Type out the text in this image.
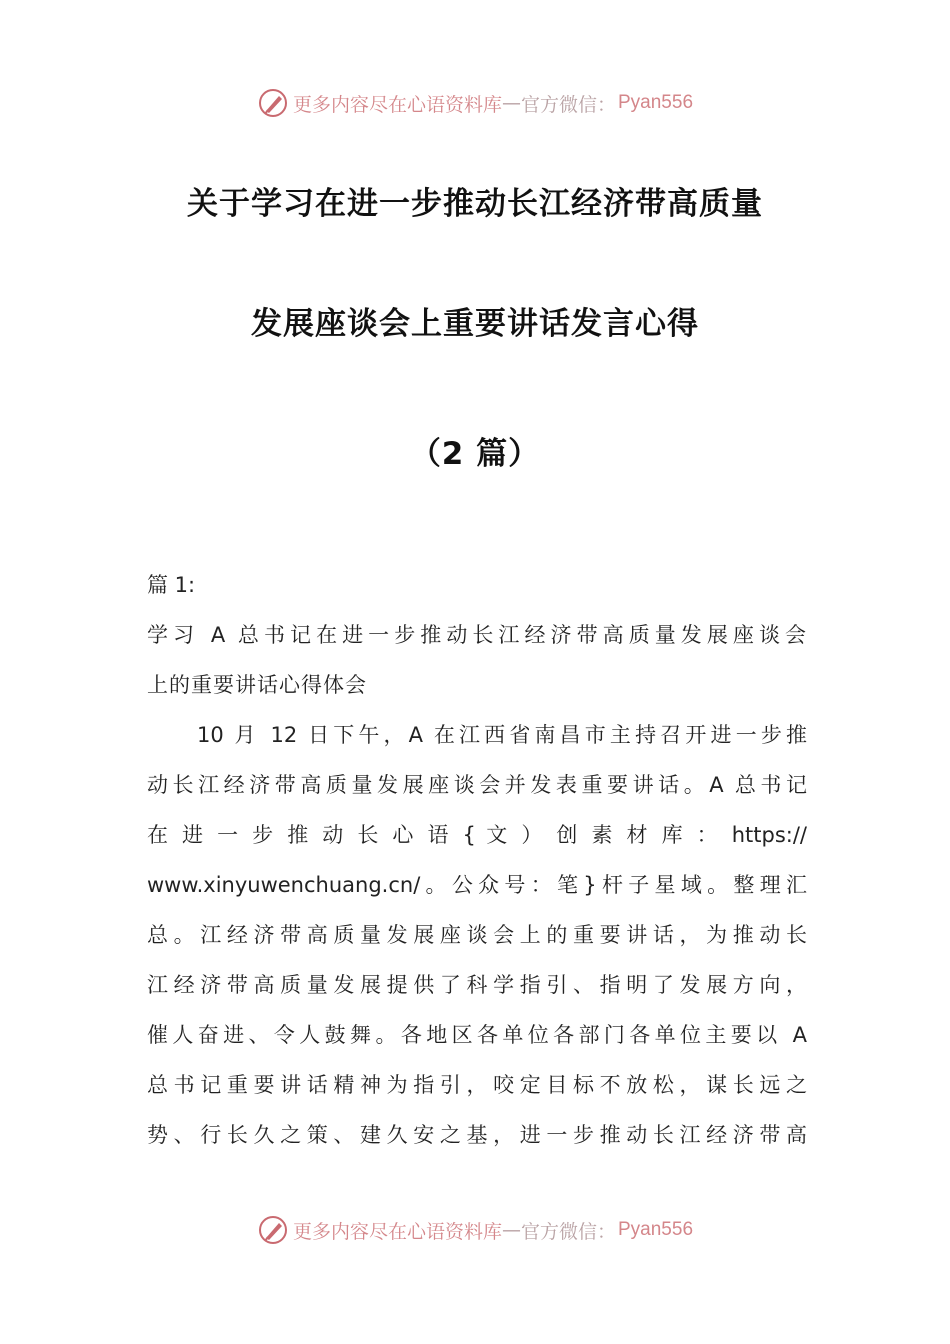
更多内容尽在心语资料库 — 官方微信： Pyan556
关于学习在进一步推动长江经济带高质量
发展座谈会上重要讲话发言心得
（2 篇）
篇 1:
学习 A 总书记在进一步推动长江经济带高质量发展座谈会
上的重要讲话心得体会
10 月 12 日下午，A 在江西省南昌市主持召开进一步推
动长江经济带高质量发展座谈会并发表重要讲话。A 总书记
在 进 一 步 推 动 长 心 语 { 文 ） 创 素 材 库 ： https://
www.xinyuwenchuang.cn/。公众号：笔}杆子星域。整理汇
总。江经济带高质量发展座谈会上的重要讲话，为推动长
江经济带高质量发展提供了科学指引、指明了发展方向，
催人奋进、令人鼓舞。各地区各单位各部门各单位主要以 A
总书记重要讲话精神为指引，咬定目标不放松，谋长远之
势、行长久之策、建久安之基，进一步推动长江经济带高
更多内容尽在心语资料库 — 官方微信： Pyan556
